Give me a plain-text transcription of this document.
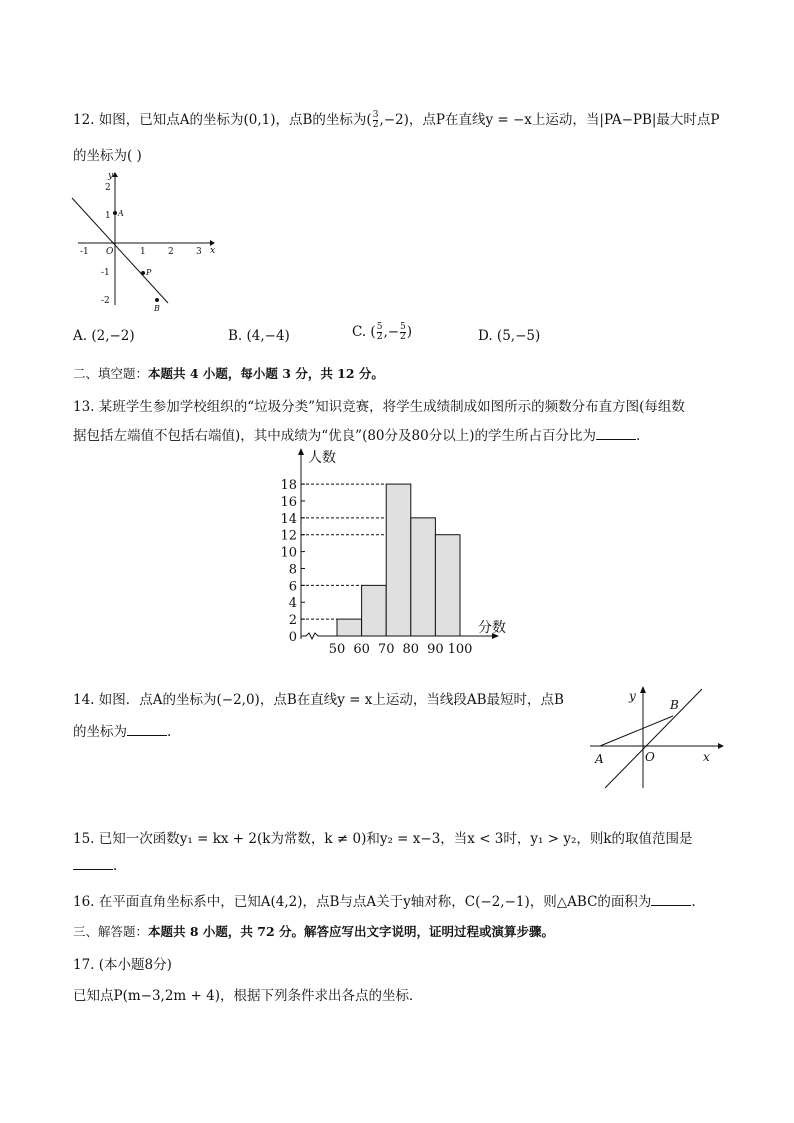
12. 如图，已知点A的坐标为(0,1)，点B的坐标为( $\frac{3}{2} ,-2$)，点P在直线y = −x上运动，当|PA−PB|最大时点P
的坐标为( )
y
x
O
A
P
B
-1	1 2 3
2
1
-1
-2
A. (2,−2)	B. (4,−4)	C. ( $\frac{5}{2}$ ,− $\frac{5}{2}$ )	D. (5,−5)
二、填空题：本题共 4 小题，每小题 3 分，共 12 分。
13. 某班学生参加学校组织的“垃圾分类”知识竞赛，将学生成绩制成如图所示的频数分布直方图(每组数
据包括左端值不包括右端值)，其中成绩为“优良”(80分及80分以上)的学生所占百分比为	.
0
2
4
6
8
10
12
14
16
18
50 60 70 80 90 100
人数
分数
14. 如图．点A的坐标为(−2,0)，点B在直线y = x上运动，当线段AB最短时，点B
的坐标为	.
y
x
O
A
B
15. 已知一次函数y₁ = kx + 2(k为常数，k ≠ 0)和y₂ = x−3，当x < 3时，y₁ > y₂，则k的取值范围是
.
16. 在平面直角坐标系中，已知A(4,2)，点B与点A关于y轴对称，C(−2,−1)，则△ABC的面积为	.
三、解答题：本题共 8 小题，共 72 分。解答应写出文字说明，证明过程或演算步骤。
17. (本小题8分)
已知点P(m−3,2m + 4)，根据下列条件求出各点的坐标．
